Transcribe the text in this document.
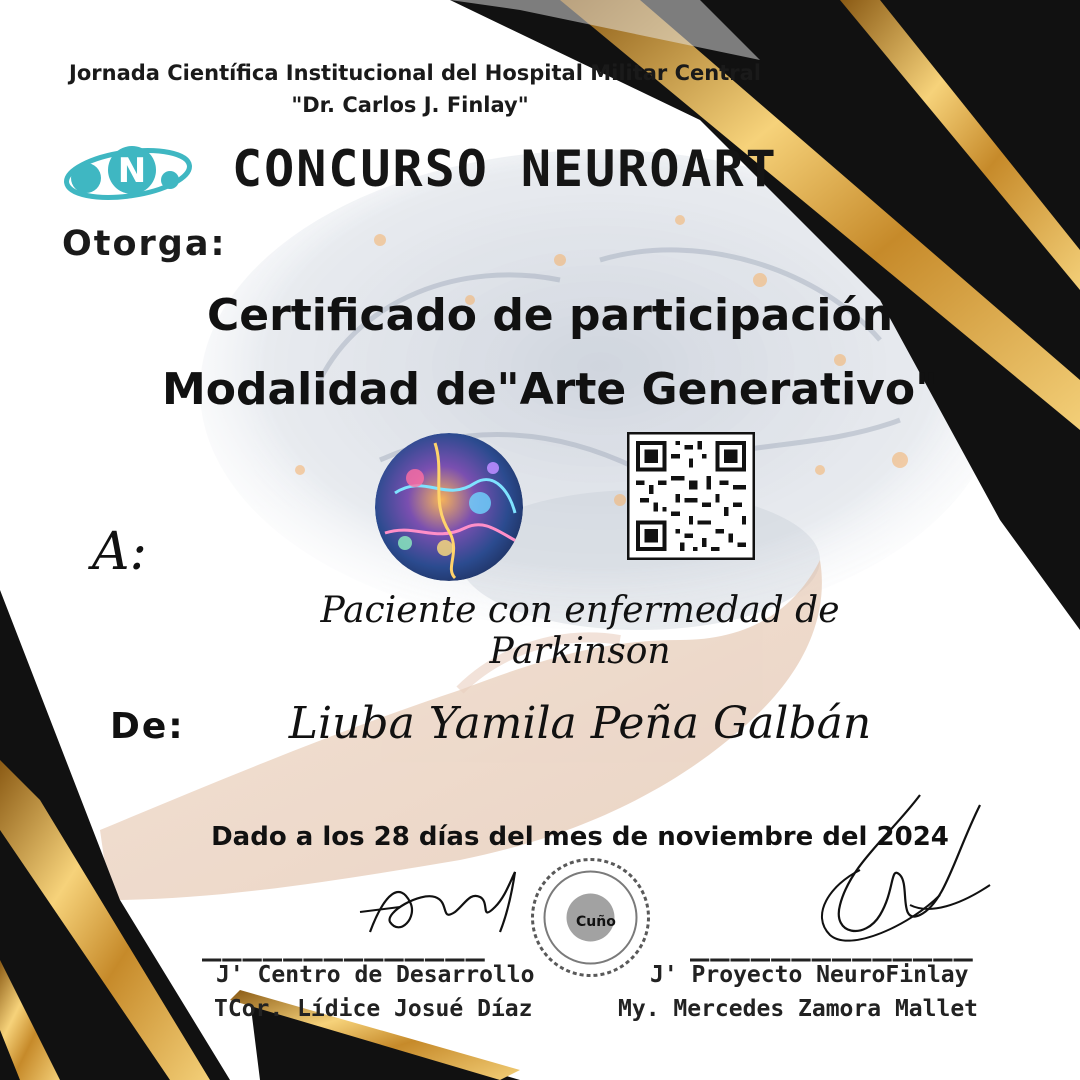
Jornada Científica Institucional del Hospital Militar Central
"Dr. Carlos J. Finlay"
N CONCURSO NEUROART
Otorga:
Certificado de participación
Modalidad de"Arte Generativo"
A:
Paciente con enfermedad de Parkinson
De:	Liuba Yamila Peña Galbán
Dado a los 28 días del mes de noviembre del 2024
______________	______________
Cuño
J' Centro de Desarrollo
TCor. Lídice Josué Díaz
J' Proyecto NeuroFinlay
My. Mercedes Zamora Mallet
